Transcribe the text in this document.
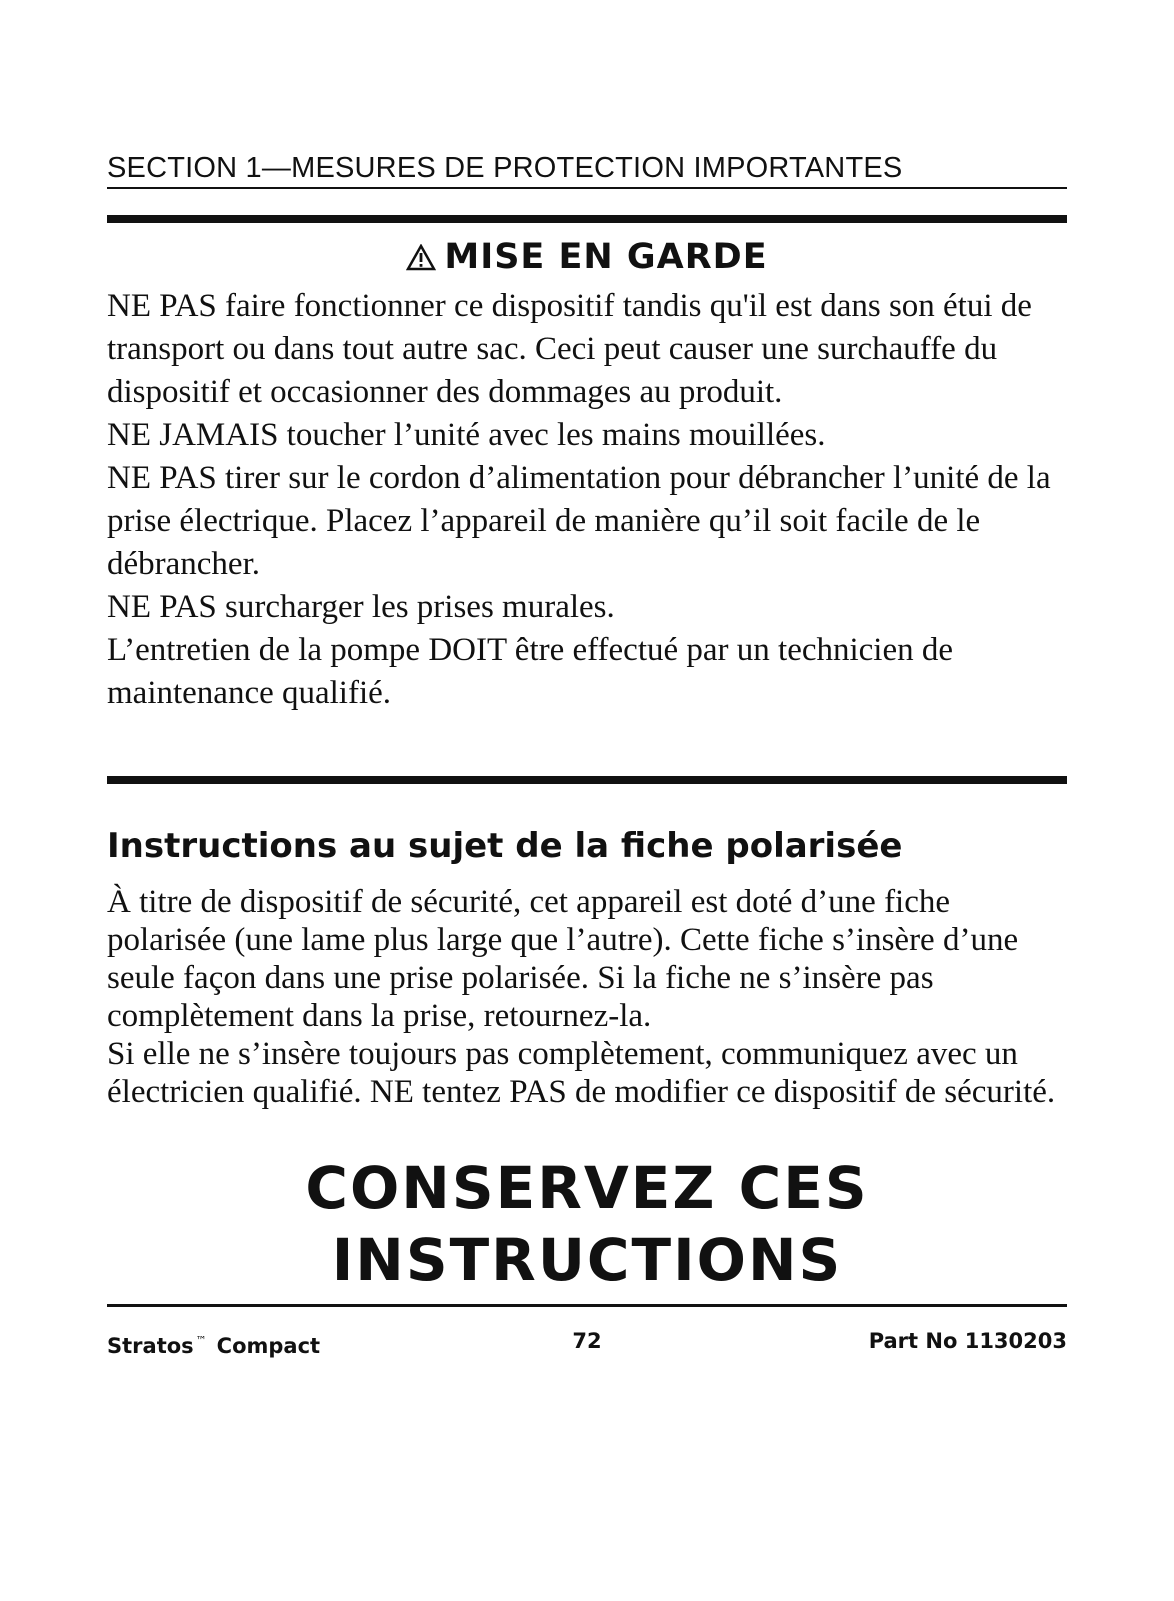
SECTION 1—MESURES DE PROTECTION IMPORTANTES
MISE EN GARDE

NE PAS faire fonctionner ce dispositif tandis qu'il est dans son étui de transport ou dans tout autre sac. Ceci peut causer une surchauffe du dispositif et occasionner des dommages au produit.

NE JAMAIS toucher l’unité avec les mains mouillées.

NE PAS tirer sur le cordon d’alimentation pour débrancher l’unité de la prise électrique. Placez l’appareil de manière qu’il soit facile de le débrancher.

NE PAS surcharger les prises murales.

L’entretien de la pompe DOIT être effectué par un technicien de maintenance qualifié.

Instructions au sujet de la fiche polarisée
À titre de dispositif de sécurité, cet appareil est doté d’une fiche polarisée (une lame plus large que l’autre). Cette fiche s’insère d’une seule façon dans une prise polarisée. Si la fiche ne s’insère pas complètement dans la prise, retournez-la.
Si elle ne s’insère toujours pas complètement, communiquez avec un électricien qualifié. NE tentez PAS de modifier ce dispositif de sécurité.
CONSERVEZ CES
INSTRUCTIONS
Stratos ™ Compact	72	Part No 1130203
